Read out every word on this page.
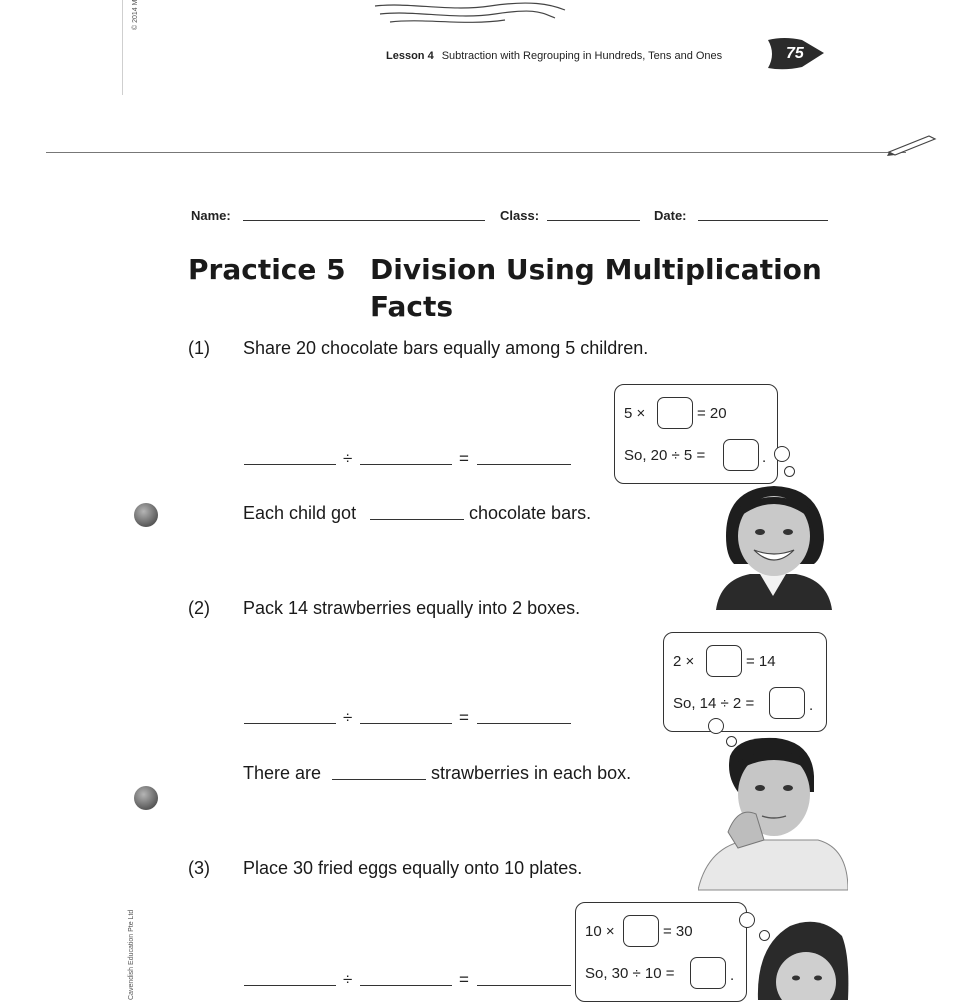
© 2014 M
Lesson 4 Subtraction with Regrouping in Hundreds, Tens and Ones	75
Name:	Class:	Date:
Practice 5 Division Using Multiplication
Facts
(1) Share 20 chocolate bars equally among 5 children.
÷	=
5 ×	= 20
So, 20 ÷ 5 =	.
Each child got	chocolate bars.
(2) Pack 14 strawberries equally into 2 boxes.
2 ×	= 14
So, 14 ÷ 2 =	.
÷	=
There are	strawberries in each box.
(3) Place 30 fried eggs equally onto 10 plates.
10 ×	= 30
So, 30 ÷ 10 =	.
÷	=
Cavendish Education Pte Ltd
